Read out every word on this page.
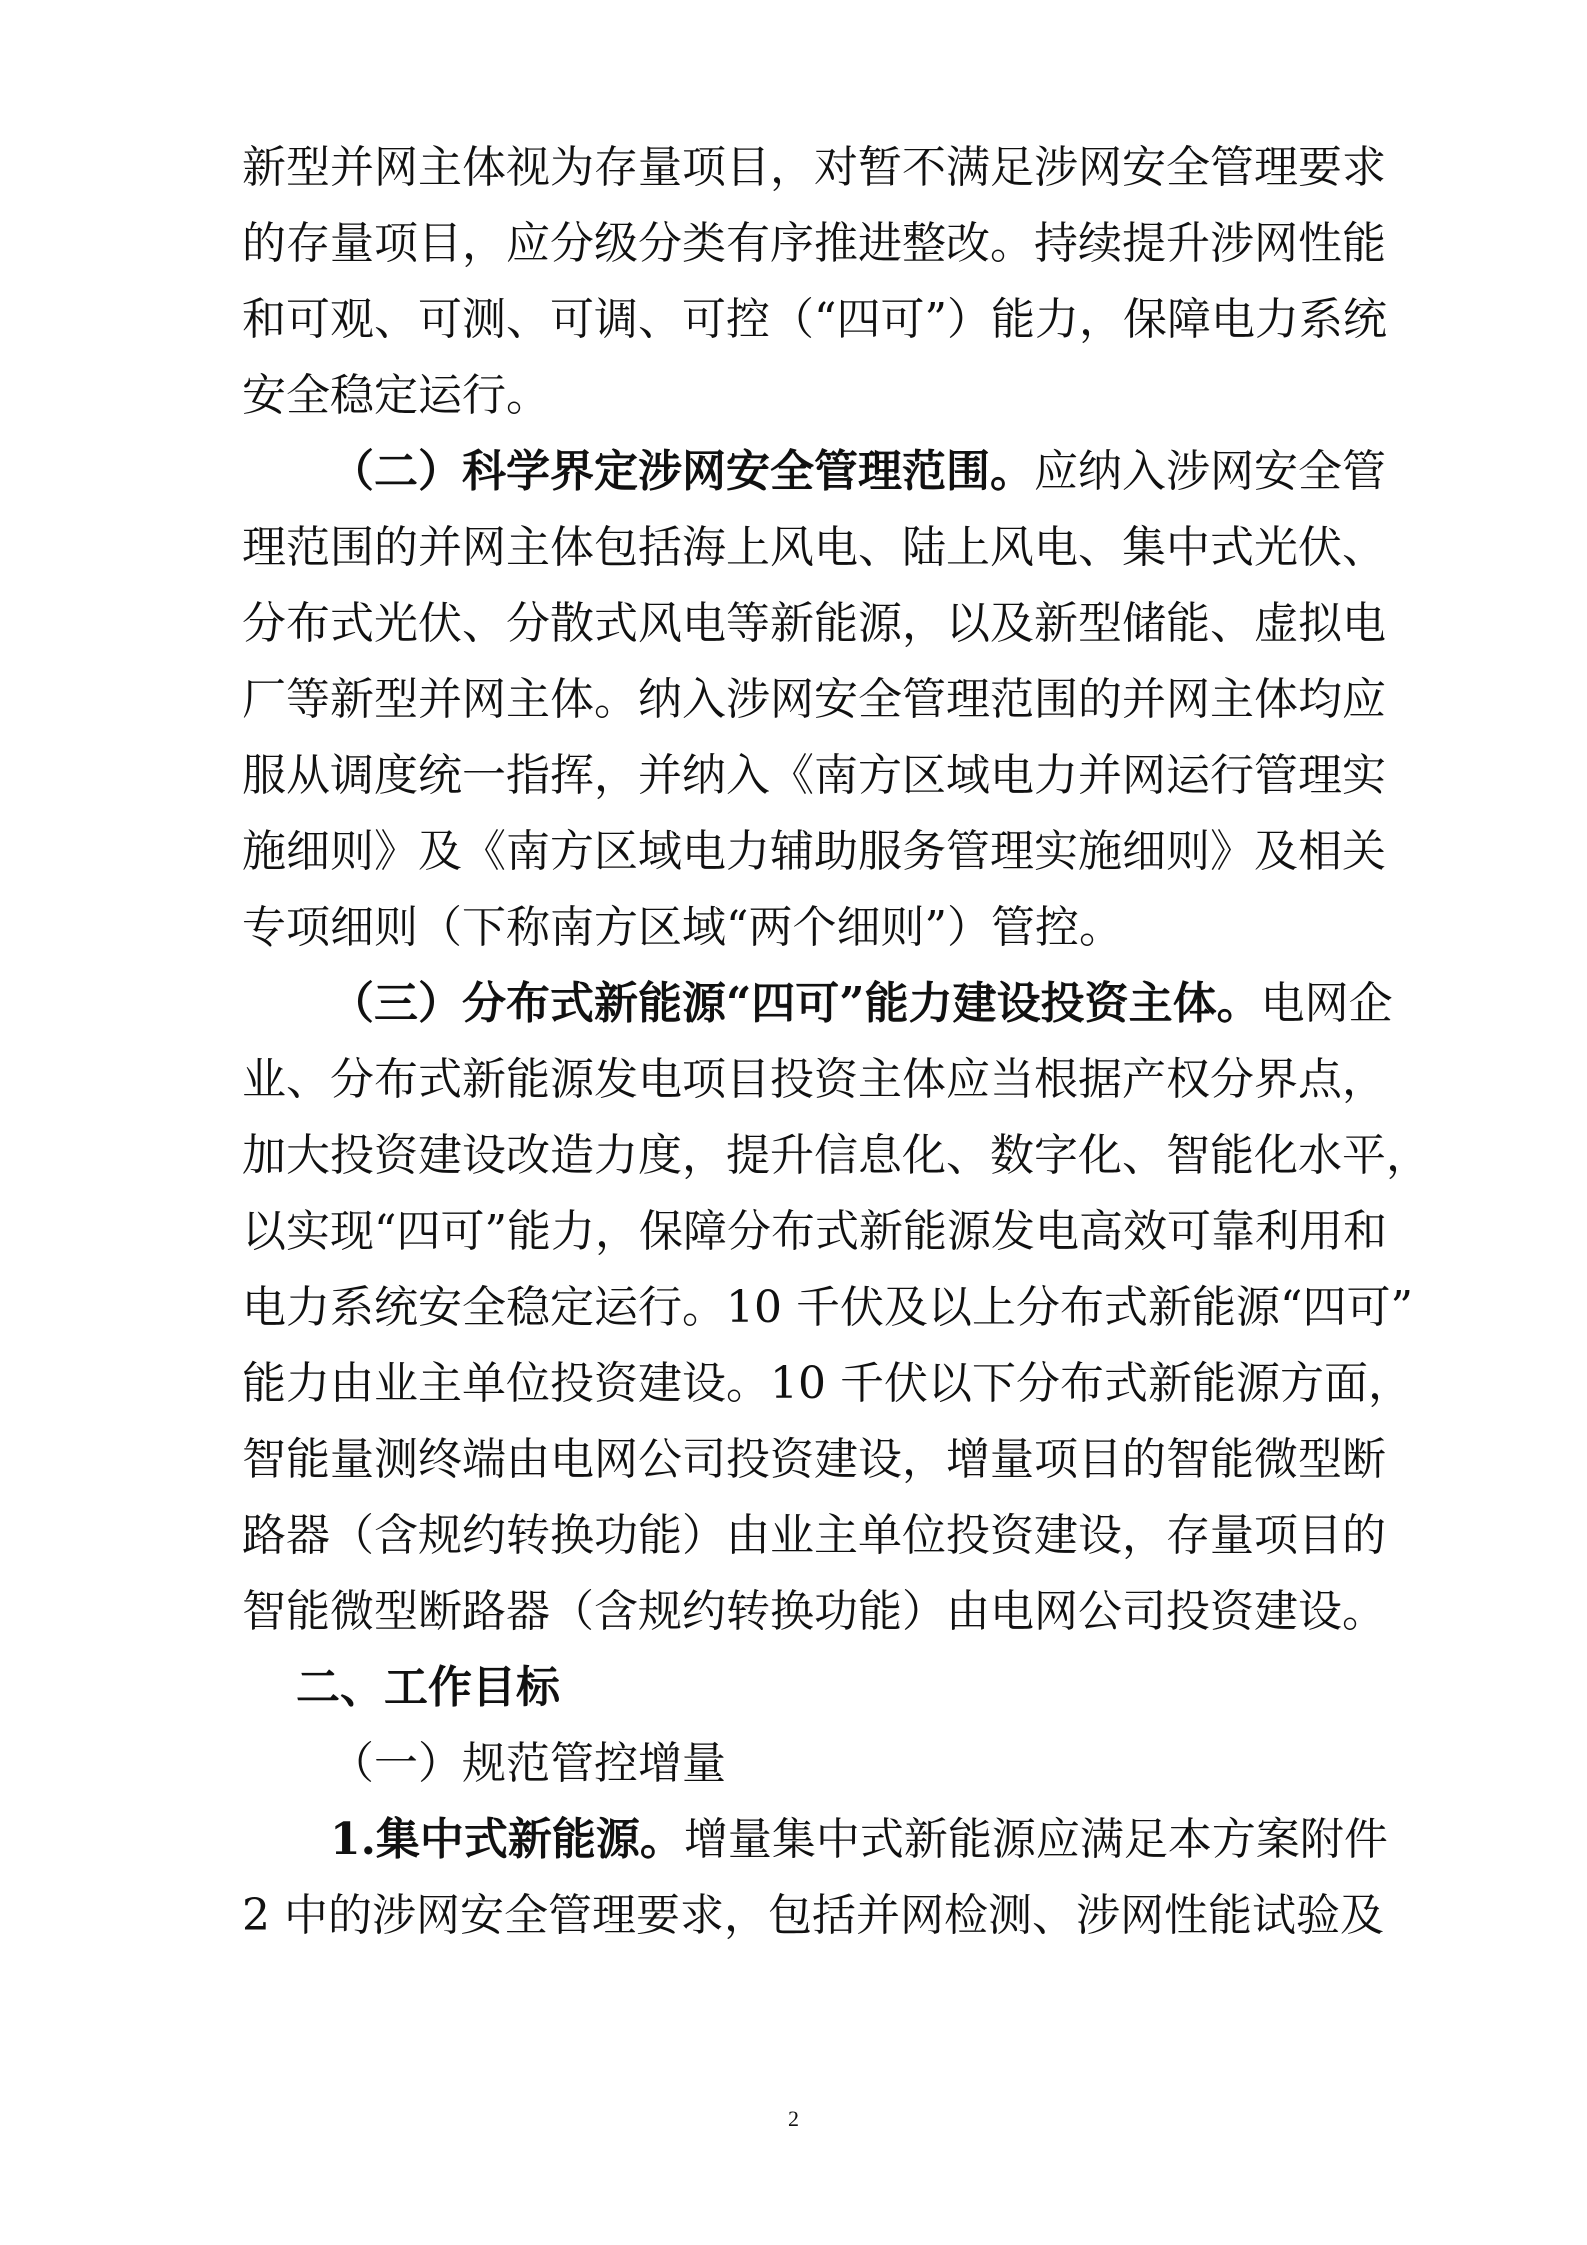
新型并网主体视为存量项目，对暂不满足涉网安全管理要求
的存量项目，应分级分类有序推进整改。持续提升涉网性能
和可观、可测、可调、可控（“四可”）能力，保障电力系统
安全稳定运行。
（二）科学界定涉网安全管理范围。应纳入涉网安全管
理范围的并网主体包括海上风电、陆上风电、集中式光伏、
分布式光伏、分散式风电等新能源，以及新型储能、虚拟电
厂等新型并网主体。纳入涉网安全管理范围的并网主体均应
服从调度统一指挥，并纳入《南方区域电力并网运行管理实
施细则》及《南方区域电力辅助服务管理实施细则》及相关
专项细则（下称南方区域“两个细则”）管控。
（三）分布式新能源“四可”能力建设投资主体。电网企
业、分布式新能源发电项目投资主体应当根据产权分界点，
加大投资建设改造力度，提升信息化、数字化、智能化水平，
以实现“四可”能力，保障分布式新能源发电高效可靠利用和
电力系统安全稳定运行。10 千伏及以上分布式新能源“四可”
能力由业主单位投资建设。10 千伏以下分布式新能源方面，
智能量测终端由电网公司投资建设，增量项目的智能微型断
路器（含规约转换功能）由业主单位投资建设，存量项目的
智能微型断路器（含规约转换功能）由电网公司投资建设。
二、工作目标
（一）规范管控增量
1.集中式新能源。增量集中式新能源应满足本方案附件
2 中的涉网安全管理要求，包括并网检测、涉网性能试验及
2
